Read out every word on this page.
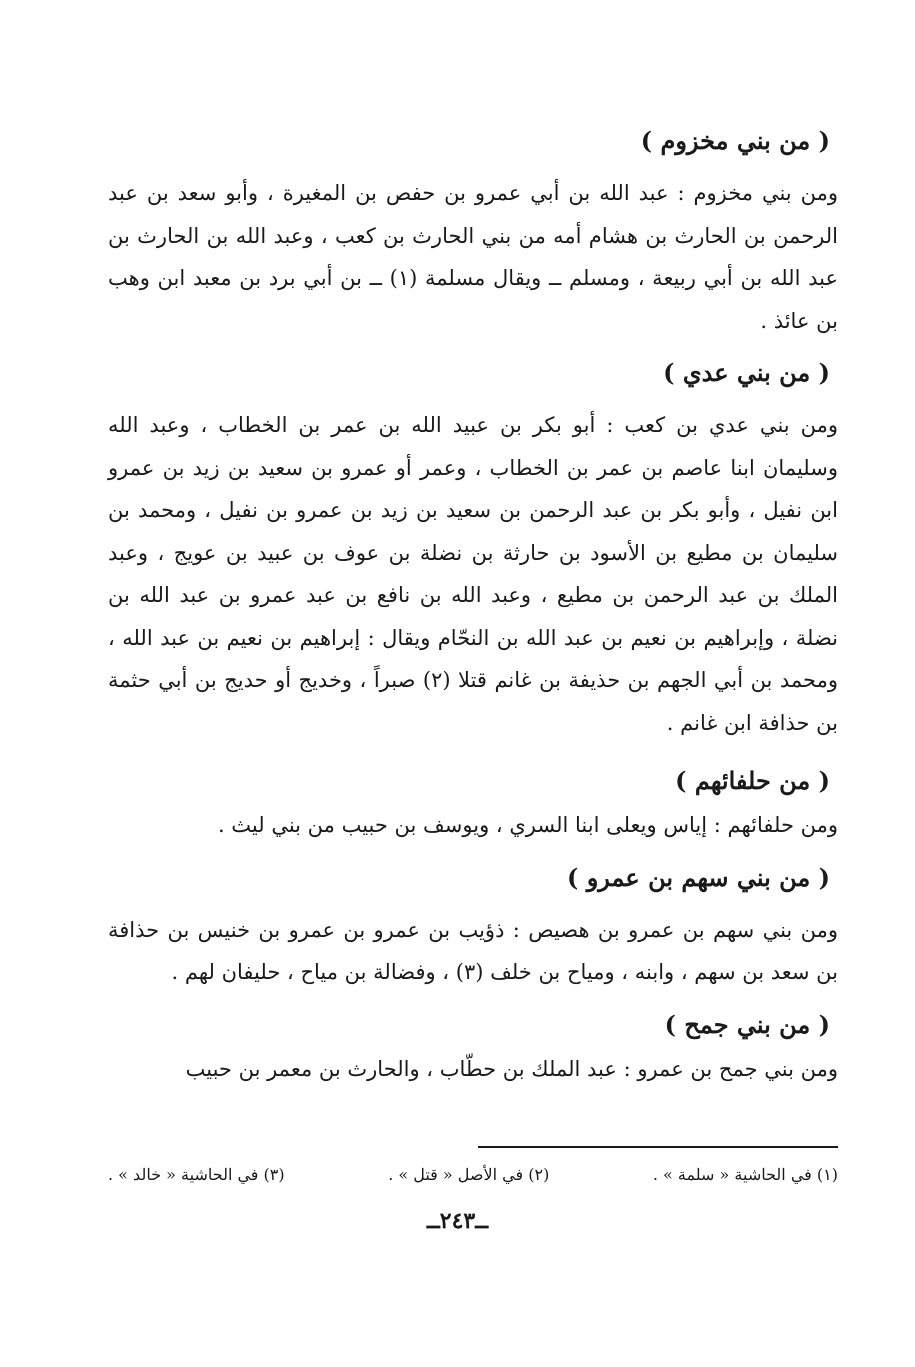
( من بني مخزوم )

ومن بني مخزوم : عبد الله بن أبي عمرو بن حفص بن المغيرة ، وأبو سعد بن عبد الرحمن بن الحارث بن هشام أمه من بني الحارث بن كعب ، وعبد الله بن الحارث بن عبد الله بن أبي ربيعة ، ومسلم ــ ويقال مسلمة (١) ــ بن أبي برد بن معبد ابن وهب بن عائذ .

( من بني عدي )

ومن بني عدي بن كعب : أبو بكر بن عبيد الله بن عمر بن الخطاب ، وعبد الله وسليمان ابنا عاصم بن عمر بن الخطاب ، وعمر أو عمرو بن سعيد بن زيد بن عمرو ابن نفيل ، وأبو بكر بن عبد الرحمن بن سعيد بن زيد بن عمرو بن نفيل ، ومحمد بن سليمان بن مطيع بن الأسود بن حارثة بن نضلة بن عوف بن عبيد بن عويج ، وعبد الملك بن عبد الرحمن بن مطيع ، وعبد الله بن نافع بن عبد عمرو بن عبد الله بن نضلة ، وإبراهيم بن نعيم بن عبد الله بن النحّام ويقال : إبراهيم بن نعيم بن عبد الله ، ومحمد بن أبي الجهم بن حذيفة بن غانم قتلا (٢) صبراً ، وخديج أو حديج بن أبي حثمة بن حذافة ابن غانم .

( من حلفائهم )

ومن حلفائهم : إياس ويعلى ابنا السري ، ويوسف بن حبيب من بني ليث .

( من بني سهم بن عمرو )

ومن بني سهم بن عمرو بن هصيص : ذؤيب بن عمرو بن عمرو بن خنيس بن حذافة بن سعد بن سهم ، وابنه ، ومياح بن خلف (٣) ، وفضالة بن مياح ، حليفان لهم .

( من بني جمح )

ومن بني جمح بن عمرو : عبد الملك بن حطّاب ، والحارث بن معمر بن حبيب

(١) في الحاشية « سلمة » .
(٢) في الأصل « قتل » .
(٣) في الحاشية « خالد » .
ــ٢٤٣ــ
